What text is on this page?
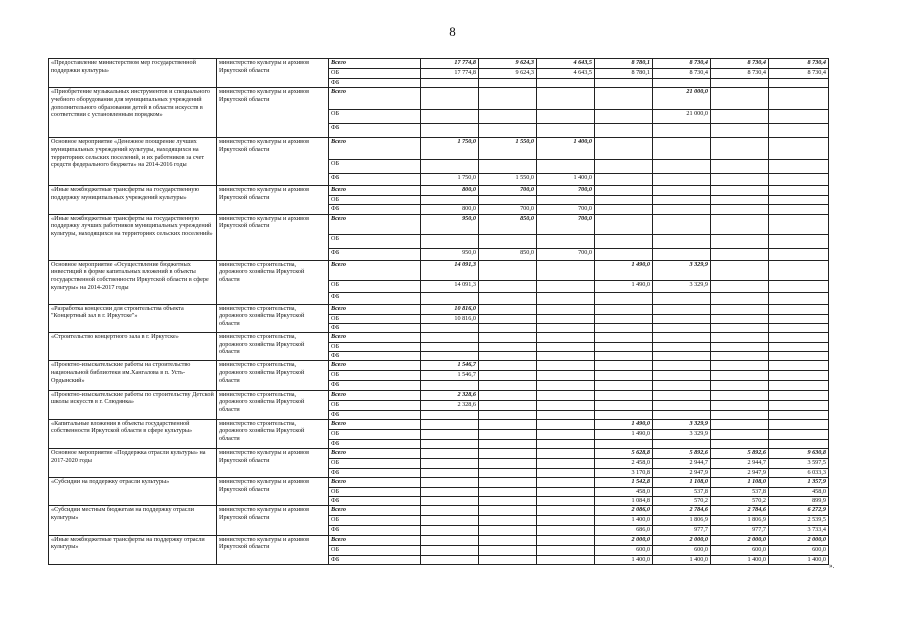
8
«Предоставление министерством мер государственной поддержки культуры»	министерство культуры и архивов Иркутской области	Всего	17 774,8	9 624,3	4 643,5	8 780,1	8 730,4	8 730,4	8 730,4
		ОБ	17 774,8	9 624,3	4 643,5	8 780,1	8 730,4	8 730,4	8 730,4
		ФБ							
«Приобретение музыкальных инструментов и специального учебного оборудования для муниципальных учреждений дополнительного образования детей в области искусств в соответствии с установленным порядком»	министерство культуры и архивов Иркутской области	Всего					21 000,0		
		ОБ					21 000,0		
		ФБ							
Основное мероприятие «Денежное поощрение лучших муниципальных учреждений культуры, находящихся на территориях сельских поселений, и их работников за счет средств федерального бюджета» на 2014-2016 годы	министерство культуры и архивов Иркутской области	Всего	1 750,0	1 550,0	1 400,0				
		ОБ							
		ФБ	1 750,0	1 550,0	1 400,0				
«Иные межбюджетные трансферты на государственную поддержку муниципальных учреждений культуры»	министерство культуры и архивов Иркутской области	Всего	800,0	700,0	700,0				
		ОБ							
		ФБ	800,0	700,0	700,0				
«Иные межбюджетные трансферты на государственную поддержку лучших работников муниципальных учреждений культуры, находящихся на территориях сельских поселений»	министерство культуры и архивов Иркутской области	Всего	950,0	850,0	700,0				
		ОБ							
		ФБ	950,0	850,0	700,0				
Основное мероприятие «Осуществление бюджетных инвестиций в форме капитальных вложений в объекты государственной собственности Иркутской области в сфере культуры» на 2014-2017 годы	министерство строительства, дорожного хозяйства Иркутской области	Всего	14 091,3			1 490,0	3 329,9		
		ОБ	14 091,3			1 490,0	3 329,9		
		ФБ							
«Разработка концессии для строительства объекта "Концертный зал в г. Иркутске"»	министерство строительства, дорожного хозяйства Иркутской области	Всего	10 816,0						
		ОБ	10 816,0						
		ФБ							
«Строительство концертного зала в г. Иркутске»	министерство строительства, дорожного хозяйства Иркутской области	Всего							
		ОБ							
		ФБ							
«Проектно-изыскательские работы на строительство национальной библиотеки им.Хангалова в п. Усть-Ордынский»	министерство строительства, дорожного хозяйства Иркутской области	Всего	1 546,7						
		ОБ	1 546,7						
		ФБ							
«Проектно-изыскательские работы по строительству Детской школы искусств в г. Слюдянка»	министерство строительства, дорожного хозяйства Иркутской области	Всего	2 328,6						
		ОБ	2 328,6						
		ФБ							
«Капитальные вложения в объекты государственной собственности Иркутской области в сфере культуры»	министерство строительства, дорожного хозяйства Иркутской области	Всего				1 490,0	3 329,9		
		ОБ				1 490,0	3 329,9		
		ФБ							
Основное мероприятие «Поддержка отрасли культуры» на 2017-2020 годы	министерство культуры и архивов Иркутской области	Всего				5 628,8	5 892,6	5 892,6	9 630,8
		ОБ				2 458,0	2 944,7	2 944,7	3 597,5
		ФБ				3 170,8	2 947,9	2 947,9	6 033,3
«Субсидии на поддержку отрасли культуры»	министерство культуры и архивов Иркутской области	Всего				1 542,8	1 108,0	1 108,0	1 357,9
		ОБ				458,0	537,8	537,8	458,0
		ФБ				1 084,8	570,2	570,2	899,9
«Субсидии местным бюджетам на поддержку отрасли культуры»	министерство культуры и архивов Иркутской области	Всего				2 086,0	2 784,6	2 784,6	6 272,9
		ОБ				1 400,0	1 806,9	1 806,9	2 539,5
		ФБ				686,0	977,7	977,7	3 733,4
«Иные межбюджетные трансферты на поддержку отрасли культуры»	министерство культуры и архивов Иркутской области	Всего				2 000,0	2 000,0	2 000,0	2 000,0
		ОБ				600,0	600,0	600,0	600,0
		ФБ				1 400,0	1 400,0	1 400,0	1 400,0
».
